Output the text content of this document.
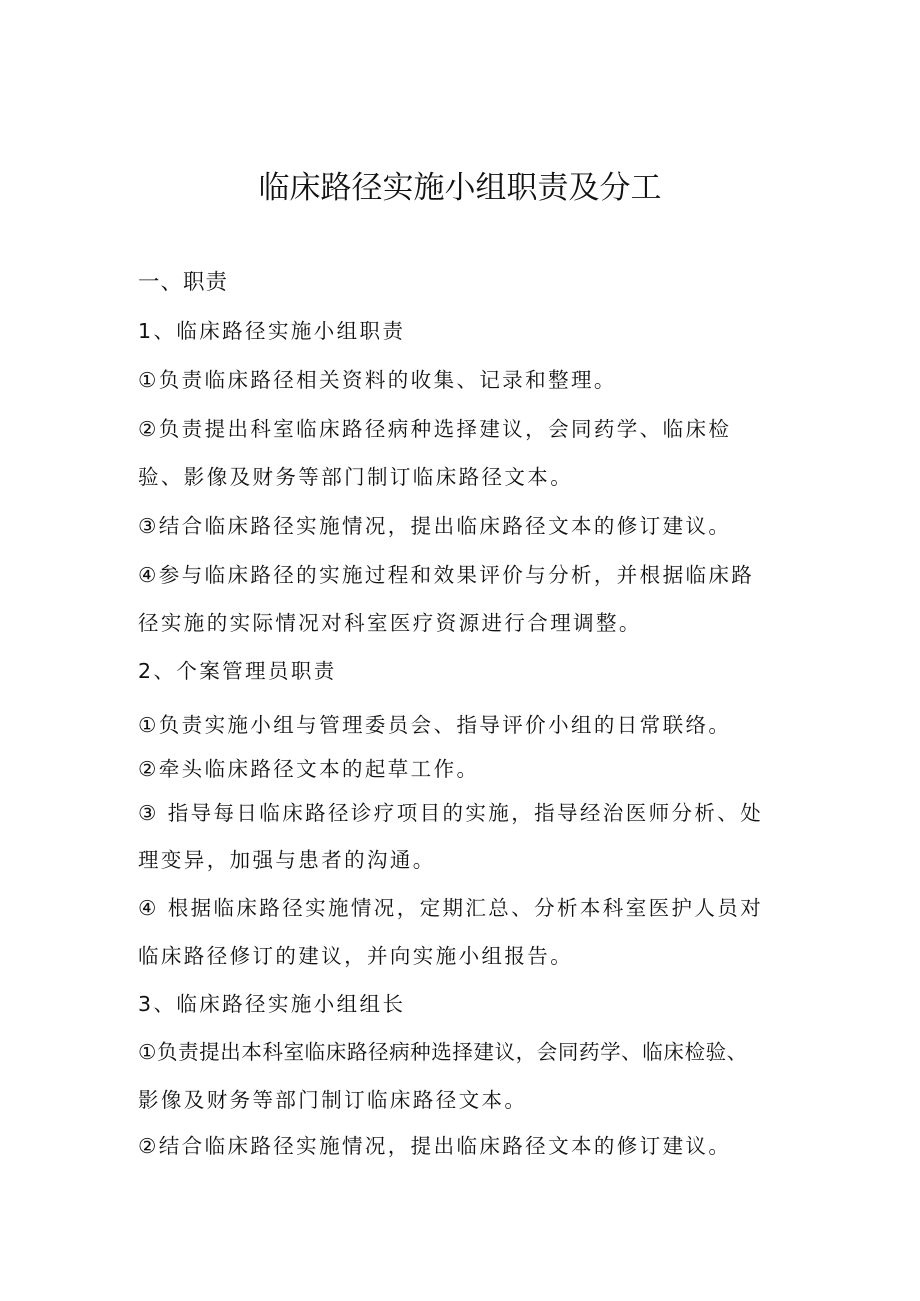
临床路径实施小组职责及分工

一、职责

1、临床路径实施小组职责

①负责临床路径相关资料的收集、记录和整理。

②负责提出科室临床路径病种选择建议，会同药学、临床检

验、影像及财务等部门制订临床路径文本。

③结合临床路径实施情况，提出临床路径文本的修订建议。

④参与临床路径的实施过程和效果评价与分析，并根据临床路

径实施的实际情况对科室医疗资源进行合理调整。

2、个案管理员职责

①负责实施小组与管理委员会、指导评价小组的日常联络。

②牵头临床路径文本的起草工作。

③ 指导每日临床路径诊疗项目的实施，指导经治医师分析、处

理变异，加强与患者的沟通。

④ 根据临床路径实施情况，定期汇总、分析本科室医护人员对

临床路径修订的建议，并向实施小组报告。

3、临床路径实施小组组长

①负责提出本科室临床路径病种选择建议，会同药学、临床检验、

影像及财务等部门制订临床路径文本。

②结合临床路径实施情况，提出临床路径文本的修订建议。
